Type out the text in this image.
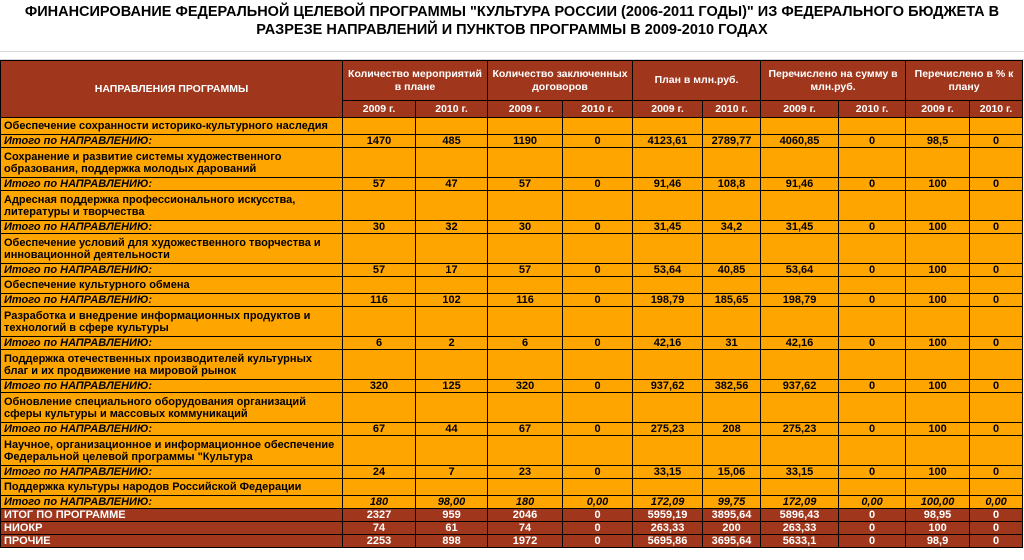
ФИНАНСИРОВАНИЕ ФЕДЕРАЛЬНОЙ ЦЕЛЕВОЙ ПРОГРАММЫ "КУЛЬТУРА РОССИИ (2006-2011 ГОДЫ)" ИЗ ФЕДЕРАЛЬНОГО БЮДЖЕТА В
РАЗРЕЗЕ НАПРАВЛЕНИЙ И ПУНКТОВ ПРОГРАММЫ В 2009-2010 ГОДАХ
НАПРАВЛЕНИЯ ПРОГРАММЫ	Количество мероприятий в плане		Количество заключенных договоров		План в млн.руб.		Перечислено на сумму в млн.руб.		Перечислено в % к плану	
	2009 г.	2010 г.	2009 г.	2010 г.	2009 г.	2010 г.	2009 г.	2010 г.	2009 г.	2010 г.
Обеспечение сохранности историко-культурного наследия										
Итого по НАПРАВЛЕНИЮ:	1470	485	1190	0	4123,61	2789,77	4060,85	0	98,5	0
Сохранение и развитие системы художественного образования, поддержка молодых дарований										
Итого по НАПРАВЛЕНИЮ:	57	47	57	0	91,46	108,8	91,46	0	100	0
Адресная поддержка профессионального искусства, литературы и творчества										
Итого по НАПРАВЛЕНИЮ:	30	32	30	0	31,45	34,2	31,45	0	100	0
Обеспечение условий для художественного творчества и инновационной деятельности										
Итого по НАПРАВЛЕНИЮ:	57	17	57	0	53,64	40,85	53,64	0	100	0
Обеспечение культурного обмена										
Итого по НАПРАВЛЕНИЮ:	116	102	116	0	198,79	185,65	198,79	0	100	0
Разработка и внедрение информационных продуктов и технологий в сфере культуры										
Итого по НАПРАВЛЕНИЮ:	6	2	6	0	42,16	31	42,16	0	100	0
Поддержка отечественных производителей культурных благ и их продвижение на мировой рынок										
Итого по НАПРАВЛЕНИЮ:	320	125	320	0	937,62	382,56	937,62	0	100	0
Обновление специального оборудования организаций сферы культуры и массовых коммуникаций										
Итого по НАПРАВЛЕНИЮ:	67	44	67	0	275,23	208	275,23	0	100	0
Научное, организационное и информационное обеспечение Федеральной целевой программы "Культура										
Итого по НАПРАВЛЕНИЮ:	24	7	23	0	33,15	15,06	33,15	0	100	0
Поддержка культуры народов Российской Федерации										
Итого по НАПРАВЛЕНИЮ:	180	98,00	180	0,00	172,09	99,75	172,09	0,00	100,00	0,00
ИТОГ ПО ПРОГРАММЕ	2327	959	2046	0	5959,19	3895,64	5896,43	0	98,95	0
НИОКР	74	61	74	0	263,33	200	263,33	0	100	0
ПРОЧИЕ	2253	898	1972	0	5695,86	3695,64	5633,1	0	98,9	0
